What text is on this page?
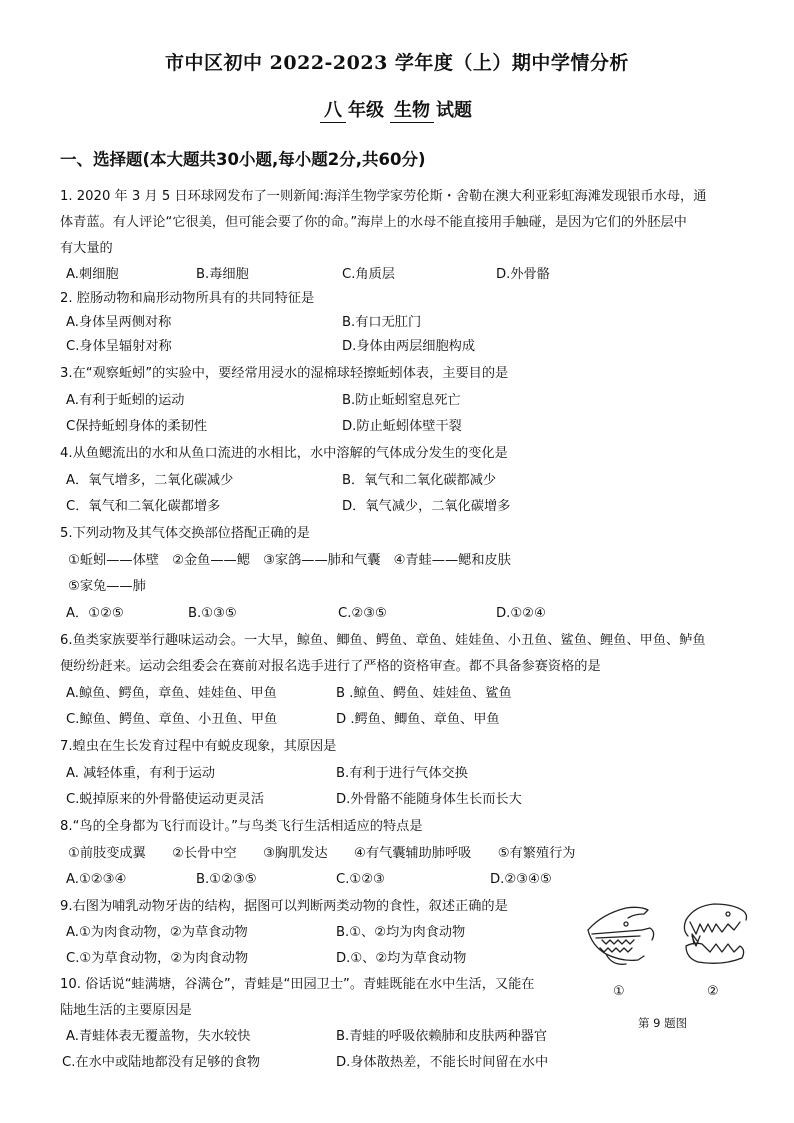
市中区初中 2022-2023 学年度（上）期中学情分析
八 年级 生物 试题
一、选择题(本大题共30小题,每小题2分,共60分)
1. 2020 年 3 月 5 日环球网发布了一则新闻:海洋生物学家劳伦斯・舍勒在澳大利亚彩虹海滩发现银币水母，通
体青蓝。有人评论“它很美，但可能会要了你的命。”海岸上的水母不能直接用手触碰，是因为它们的外胚层中
有大量的
A.刺细胞	B.毒细胞	C.角质层	D.外骨骼
2. 腔肠动物和扁形动物所具有的共同特征是
A.身体呈两侧对称	B.有口无肛门
C.身体呈辐射对称	D.身体由两层细胞构成
3.在“观察蚯蚓”的实验中，要经常用浸水的湿棉球轻擦蚯蚓体表，主要目的是
A.有利于蚯蚓的运动	B.防止蚯蚓窒息死亡
C保持蚯蚓身体的柔韧性	D.防止蚯蚓体壁干裂
4.从鱼鳃流出的水和从鱼口流进的水相比，水中溶解的气体成分发生的变化是
A．氧气增多，二氧化碳减少	B．氧气和二氧化碳都减少
C．氧气和二氧化碳都增多	D．氧气减少，二氧化碳增多
5.下列动物及其气体交换部位搭配正确的是
①蚯蚓——体壁　②金鱼——鳃　③家鸽——肺和气囊　④青蛙——鳃和皮肤
⑤家兔——肺
A．①②⑤	B.①③⑤	C.②③⑤	D.①②④
6.鱼类家族要举行趣味运动会。一大早，鲸鱼、鲫鱼、鳄鱼、章鱼、娃娃鱼、小丑鱼、鲨鱼、鲤鱼、甲鱼、鲈鱼
便纷纷赶来。运动会组委会在赛前对报名选手进行了严格的资格审查。都不具备参赛资格的是
A.鲸鱼、鳄鱼，章鱼、娃娃鱼、甲鱼	B .鲸鱼、鳄鱼、娃娃鱼、鲨鱼
C.鲸鱼、鳄鱼、章鱼、小丑鱼、甲鱼	D .鳄鱼、鲫鱼、章鱼、甲鱼
7.蝗虫在生长发育过程中有蜕皮现象，其原因是
A. 减轻体重，有利于运动	B.有利于进行气体交换
C.蜕掉原来的外骨骼使运动更灵活	D.外骨骼不能随身体生长而长大
8.“鸟的全身都为飞行而设计。”与鸟类飞行生活相适应的特点是
①前肢变成翼　　②长骨中空　　③胸肌发达　　④有气囊辅助肺呼吸　　⑤有繁殖行为
A.①②③④	B.①②③⑤	C.①②③	D.②③④⑤
9.右图为哺乳动物牙齿的结构，据图可以判断两类动物的食性，叙述正确的是
A.①为肉食动物，②为草食动物	B.①、②均为肉食动物
C.①为草食动物，②为肉食动物	D.①、②均为草食动物
10. 俗话说“蛙满塘，谷满仓”，青蛙是“田园卫士”。青蛙既能在水中生活，又能在
陆地生活的主要原因是
A.青蛙体表无覆盖物，失水较快	B.青蛙的呼吸依赖肺和皮肤两种器官
C.在水中或陆地都没有足够的食物	D.身体散热差，不能长时间留在水中
①	②
第 9 题图
